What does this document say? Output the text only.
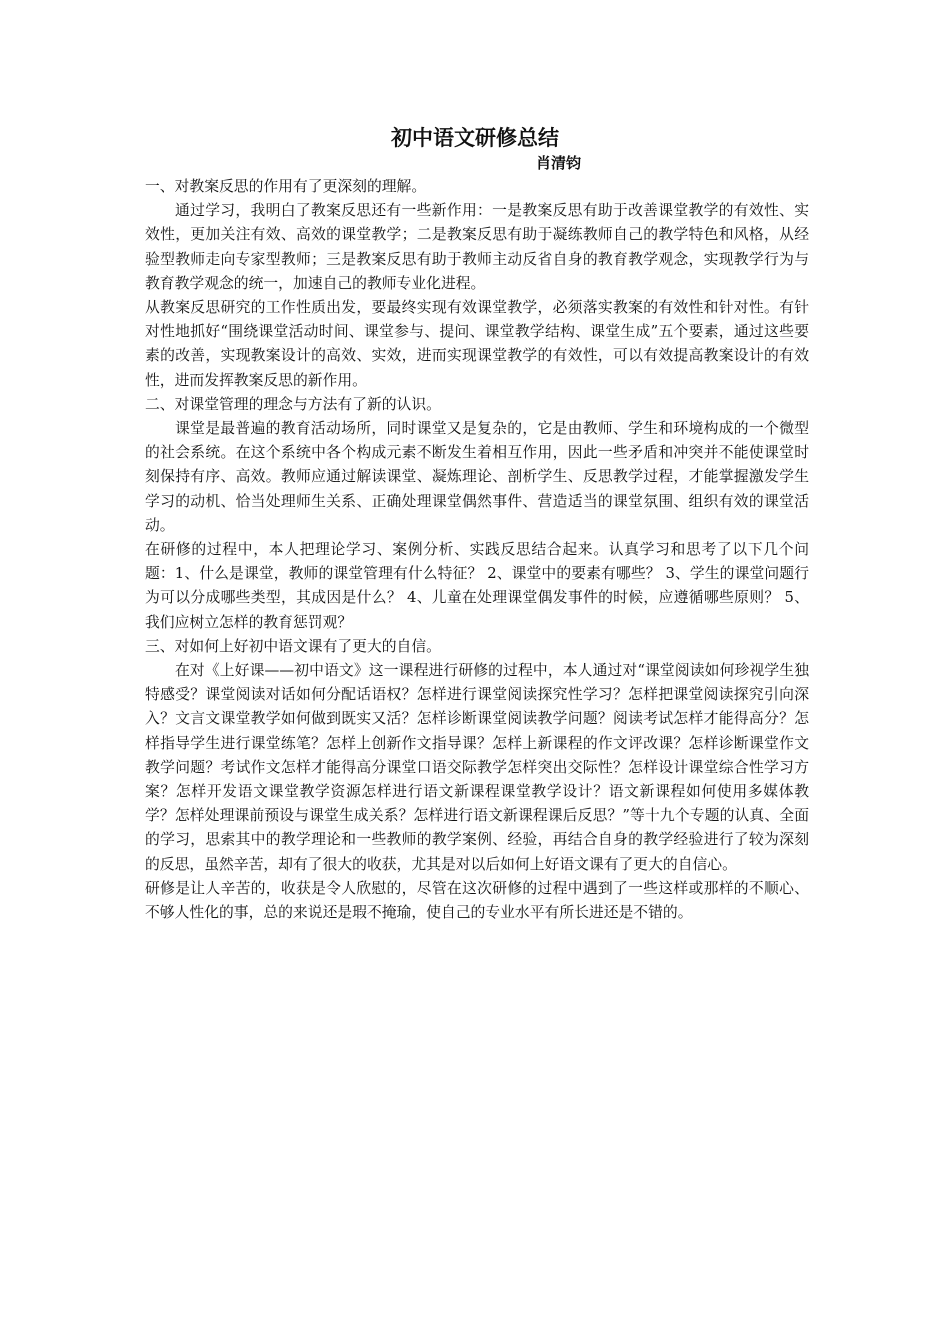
初中语文研修总结
肖清钧

一、对教案反思的作用有了更深刻的理解。

通过学习，我明白了教案反思还有一些新作用：一是教案反思有助于改善课堂教学的有效性、实效性，更加关注有效、高效的课堂教学；二是教案反思有助于凝练教师自己的教学特色和风格，从经验型教师走向专家型教师；三是教案反思有助于教师主动反省自身的教育教学观念，实现教学行为与教育教学观念的统一，加速自己的教师专业化进程。

从教案反思研究的工作性质出发，要最终实现有效课堂教学，必须落实教案的有效性和针对性。有针对性地抓好“围绕课堂活动时间、课堂参与、提问、课堂教学结构、课堂生成”五个要素，通过这些要素的改善，实现教案设计的高效、实效，进而实现课堂教学的有效性，可以有效提高教案设计的有效性，进而发挥教案反思的新作用。

二、对课堂管理的理念与方法有了新的认识。

课堂是最普遍的教育活动场所，同时课堂又是复杂的，它是由教师、学生和环境构成的一个微型的社会系统。在这个系统中各个构成元素不断发生着相互作用，因此一些矛盾和冲突并不能使课堂时刻保持有序、高效。教师应通过解读课堂、凝炼理论、剖析学生、反思教学过程，才能掌握激发学生学习的动机、恰当处理师生关系、正确处理课堂偶然事件、营造适当的课堂氛围、组织有效的课堂活动。

在研修的过程中，本人把理论学习、案例分析、实践反思结合起来。认真学习和思考了以下几个问题：1、什么是课堂，教师的课堂管理有什么特征？ 2、课堂中的要素有哪些？ 3、学生的课堂问题行为可以分成哪些类型，其成因是什么？ 4、儿童在处理课堂偶发事件的时候，应遵循哪些原则？ 5、我们应树立怎样的教育惩罚观？

三、对如何上好初中语文课有了更大的自信。

在对《上好课——初中语文》这一课程进行研修的过程中，本人通过对“课堂阅读如何珍视学生独特感受？课堂阅读对话如何分配话语权？怎样进行课堂阅读探究性学习？怎样把课堂阅读探究引向深入？文言文课堂教学如何做到既实又活？怎样诊断课堂阅读教学问题？阅读考试怎样才能得高分？怎样指导学生进行课堂练笔？怎样上创新作文指导课？怎样上新课程的作文评改课？怎样诊断课堂作文教学问题？考试作文怎样才能得高分课堂口语交际教学怎样突出交际性？怎样设计课堂综合性学习方案？怎样开发语文课堂教学资源怎样进行语文新课程课堂教学设计？语文新课程如何使用多媒体教学？怎样处理课前预设与课堂生成关系？怎样进行语文新课程课后反思？”等十九个专题的认真、全面的学习，思索其中的教学理论和一些教师的教学案例、经验，再结合自身的教学经验进行了较为深刻的反思，虽然辛苦，却有了很大的收获，尤其是对以后如何上好语文课有了更大的自信心。

研修是让人辛苦的，收获是令人欣慰的，尽管在这次研修的过程中遇到了一些这样或那样的不顺心、不够人性化的事，总的来说还是瑕不掩瑜，使自己的专业水平有所长进还是不错的。
